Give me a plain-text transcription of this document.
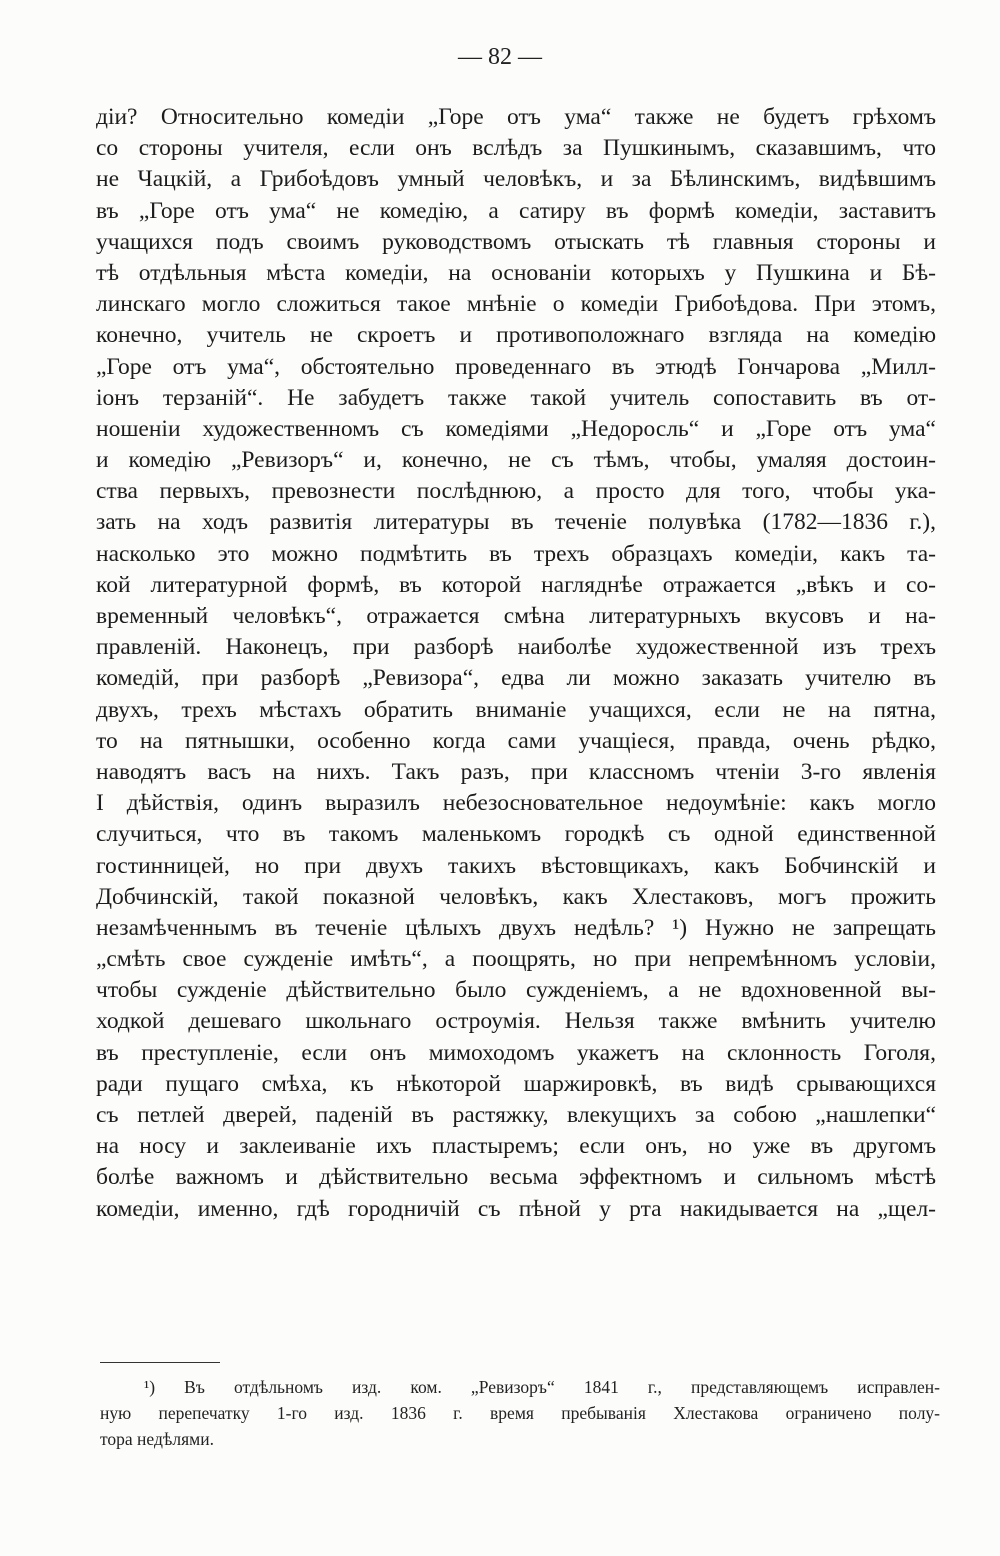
— 82 —
діи? Относительно комедіи „Горе отъ ума“ также не будетъ грѣхомъ
со стороны учителя, если онъ вслѣдъ за Пушкинымъ, сказавшимъ, что
не Чацкій, а Грибоѣдовъ умный человѣкъ, и за Бѣлинскимъ, видѣвшимъ
въ „Горе отъ ума“ не комедію, а сатиру въ формѣ комедіи, заставитъ
учащихся подъ своимъ руководствомъ отыскать тѣ главныя стороны и
тѣ отдѣльныя мѣста комедіи, на основаніи которыхъ у Пушкина и Бѣ-
линскаго могло сложиться такое мнѣніе о комедіи Грибоѣдова. При этомъ,
конечно, учитель не скроетъ и противоположнаго взгляда на комедію
„Горе отъ ума“, обстоятельно проведеннаго въ этюдѣ Гончарова „Милл-
іонъ терзаній“. Не забудетъ также такой учитель сопоставить въ от-
ношеніи художественномъ съ комедіями „Недоросль“ и „Горе отъ ума“
и комедію „Ревизоръ“ и, конечно, не съ тѣмъ, чтобы, умаляя достоин-
ства первыхъ, превознести послѣднюю, а просто для того, чтобы ука-
зать на ходъ развитія литературы въ теченіе полувѣка (1782—1836 г.),
насколько это можно подмѣтить въ трехъ образцахъ комедіи, какъ та-
кой литературной формѣ, въ которой нагляднѣе отражается „вѣкъ и со-
временный человѣкъ“, отражается смѣна литературныхъ вкусовъ и на-
правленій. Наконецъ, при разборѣ наиболѣе художественной изъ трехъ
комедій, при разборѣ „Ревизора“, едва ли можно заказать учителю въ
двухъ, трехъ мѣстахъ обратить вниманіе учащихся, если не на пятна,
то на пятнышки, особенно когда сами учащіеся, правда, очень рѣдко,
наводятъ васъ на нихъ. Такъ разъ, при классномъ чтеніи 3-го явленія
I дѣйствія, одинъ выразилъ небезосновательное недоумѣніе: какъ могло
случиться, что въ такомъ маленькомъ городкѣ съ одной единственной
гостинницей, но при двухъ такихъ вѣстовщикахъ, какъ Бобчинскій и
Добчинскій, такой показной человѣкъ, какъ Хлестаковъ, могъ прожить
незамѣченнымъ въ теченіе цѣлыхъ двухъ недѣль? ¹) Нужно не запрещать
„смѣть свое сужденіе имѣть“, а поощрять, но при непремѣнномъ условіи,
чтобы сужденіе дѣйствительно было сужденіемъ, а не вдохновенной вы-
ходкой дешеваго школьнаго остроумія. Нельзя также вмѣнить учителю
въ преступленіе, если онъ мимоходомъ укажетъ на склонность Гоголя,
ради пущаго смѣха, къ нѣкоторой шаржировкѣ, въ видѣ срывающихся
съ петлей дверей, паденій въ растяжку, влекущихъ за собою „нашлепки“
на носу и заклеиваніе ихъ пластыремъ; если онъ, но уже въ другомъ
болѣе важномъ и дѣйствительно весьма эффектномъ и сильномъ мѣстѣ
комедіи, именно, гдѣ городничій съ пѣной у рта накидывается на „щел-
¹) Въ отдѣльномъ изд. ком. „Ревизоръ“ 1841 г., представляющемъ исправлен-
ную перепечатку 1-го изд. 1836 г. время пребыванія Хлестакова ограничено полу-
тора недѣлями.
